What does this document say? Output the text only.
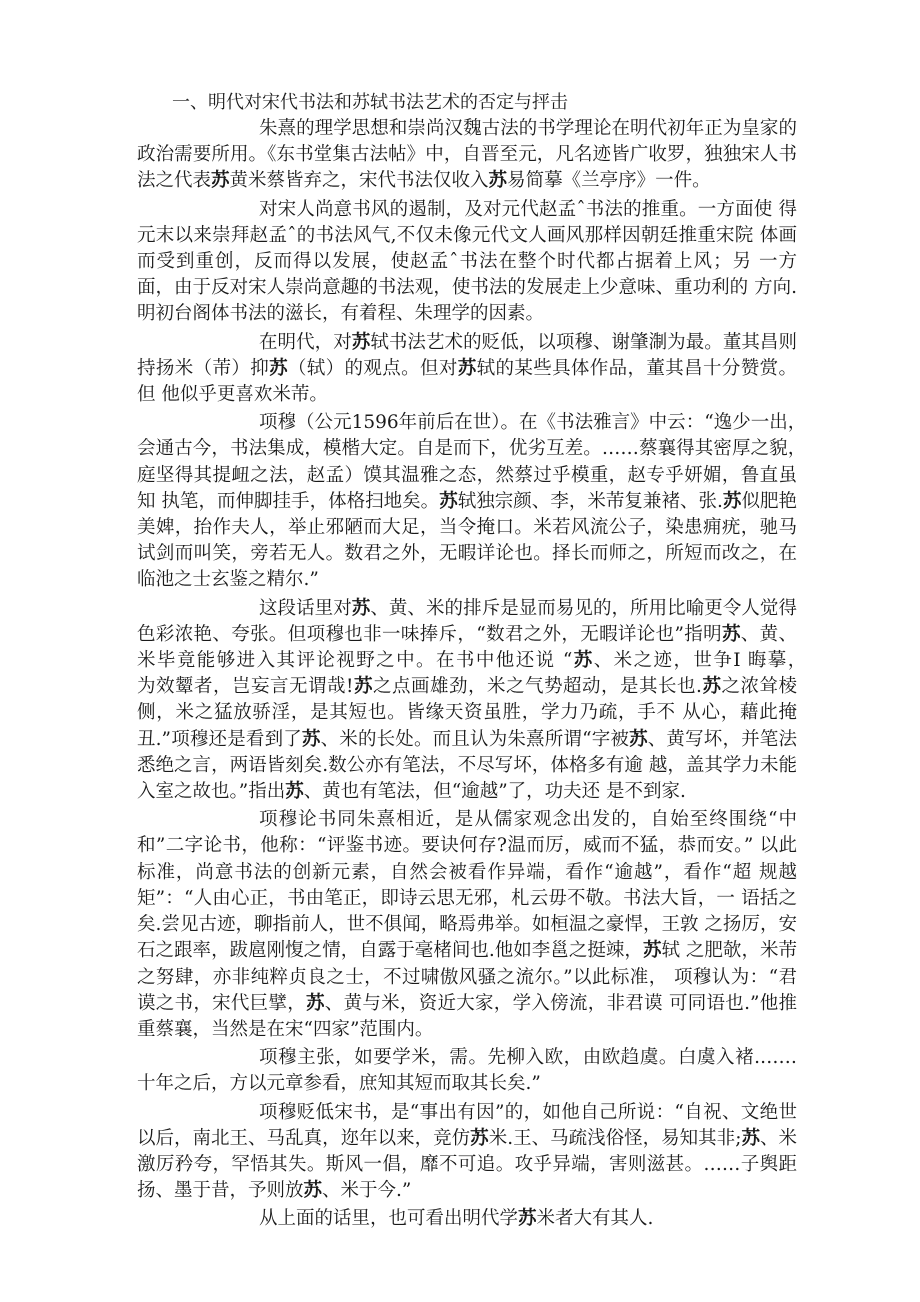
一、明代对宋代书法和苏轼书法艺术的否定与抨击

朱熹的理学思想和崇尚汉魏古法的书学理论在明代初年正为皇家的政治需要所用。《东书堂集古法帖》中，自晋至元，凡名迹皆广收罗，独独宋人书法之代表苏黄米蔡皆弃之，宋代书法仅收入苏易简摹《兰亭序》一件。

对宋人尚意书风的遏制，及对元代赵孟ˆ书法的推重。一方面使 得元末以来崇拜赵孟ˆ的书法风气,不仅未像元代文人画风那样因朝廷推重宋院 体画而受到重创，反而得以发展，使赵孟ˆ书法在整个时代都占据着上风；另 一方面，由于反对宋人崇尚意趣的书法观，使书法的发展走上少意味、重功利的 方向.明初台阁体书法的滋长，有着程、朱理学的因素。

在明代，对苏轼书法艺术的贬低，以项穆、谢肇淛为最。董其昌则持扬米（芾）抑苏（轼）的观点。但对苏轼的某些具体作品，董其昌十分赞赏。但 他似乎更喜欢米芾。

项穆（公元1596年前后在世）。在《书法雅言》中云：“逸少一出，　会通古今，书法集成，模楷大定。自是而下，优劣互差。……蔡襄得其密厚之貌，　庭坚得其提衄之法，赵孟）馍其温雅之态，然蔡过乎模重，赵专乎妍媚，鲁直虽知 执笔，而伸脚挂手，体格扫地矣。苏轼独宗颜、李，米芾复兼褚、张.苏似肥艳 美婢，抬作夫人，举止邪陋而大足，当令掩口。米若风流公子，染患痈疣，驰马 试剑而叫笑，旁若无人。数君之外，无暇详论也。择长而师之，所短而改之，在 临池之士玄鉴之精尔.”

这段话里对苏、黄、米的排斥是显而易见的，所用比喻更令人觉得色彩浓艳、夸张。但项穆也非一味捧斥，“数君之外，无暇详论也”指明苏、黄、米毕竟能够进入其评论视野之中。在书中他还说 “苏、米之迹，世争I 晦摹，　　　　　为效颦者，岂妄言无谓哉!苏之点画雄劲，米之气势超动，是其长也.苏之浓耸棱侧，米之猛放骄淫，是其短也。皆缘天资虽胜，学力乃疏，手不 从心，藉此掩丑.”项穆还是看到了苏、米的长处。而且认为朱熹所谓“字被苏、黄写坏，并笔法悉绝之言，两语皆刻矣.数公亦有笔法，不尽写坏，体格多有逾 越，盖其学力未能入室之故也。”指出苏、黄也有笔法，但“逾越”了，功夫还 是不到家.

项穆论书同朱熹相近，是从儒家观念出发的，自始至终围绕“中和”二字论书，他称：“评鉴书迹。要诀何存?温而厉，威而不猛，恭而安。” 以此标准，尚意书法的创新元素，自然会被看作异端，看作“逾越”，看作“超 规越矩”：“人由心正，书由笔正，即诗云思无邪，札云毋不敬。书法大旨，一 语括之矣.尝见古迹，聊指前人，世不俱闻，略焉弗举。如桓温之豪悍，王敦 之扬厉，安石之跟率，跋扈刚愎之情，自露于毫楮间也.他如李邕之挺竦，苏轼 之肥欹，米芾之努肆，亦非纯粹贞良之士，不过啸傲风骚之流尔。”以此标准， 项穆认为：“君谟之书，宋代巨擘，苏、黄与米，资近大家，学入傍流，非君谟 可同语也.”他推重蔡襄，当然是在宋“四家”范围内。

项穆主张，如要学米，需。先柳入欧，由欧趋虞。白虞入褚.……十年之后，方以元章参看，庶知其短而取其长矣.”

项穆贬低宋书，是“事出有因”的，如他自己所说：“自祝、文绝世以后，南北王、马乱真，迩年以来，竞仿苏米.王、马疏浅俗怪，易知其非;苏、米激厉矜夸，罕悟其失。斯风一倡，靡不可追。攻乎异端，害则滋甚。……子舆距扬、墨于昔，予则放苏、米于今.”

从上面的话里，也可看出明代学苏米者大有其人.
